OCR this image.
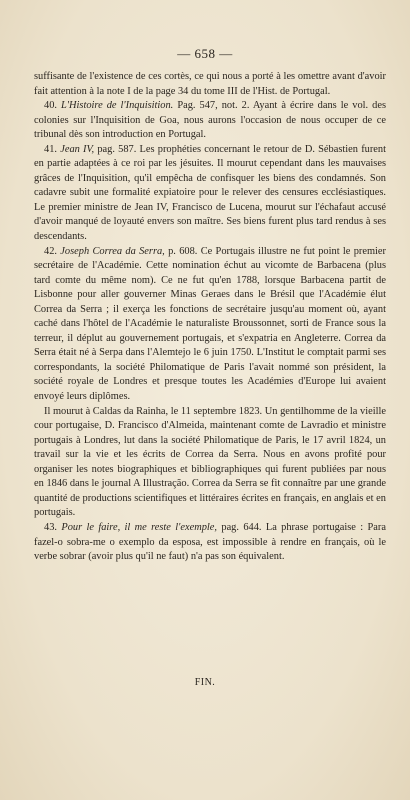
— 658 —

suffisante de l'existence de ces cortès, ce qui nous a porté à les omettre avant d'avoir fait attention à la note I de la page 34 du tome III de l'Hist. de Portugal.

40. L'Histoire de l'Inquisition. Pag. 547, not. 2. Ayant à écrire dans le vol. des colonies sur l'Inquisition de Goa, nous aurons l'occasion de nous occuper de ce tribunal dès son introduction en Portugal.

41. Jean IV, pag. 587. Les prophéties concernant le retour de D. Sébastien furent en partie adaptées à ce roi par les jésuites. Il mourut cependant dans les mauvaises grâces de l'Inquisition, qu'il empêcha de confisquer les biens des condamnés. Son cadavre subit une formalité expiatoire pour le relever des censures ecclésiastiques. Le premier ministre de Jean IV, Francisco de Lucena, mourut sur l'échafaut accusé d'avoir manqué de loyauté envers son maître. Ses biens furent plus tard rendus à ses descendants.

42. Joseph Correa da Serra, p. 608. Ce Portugais illustre ne fut point le premier secrétaire de l'Académie. Cette nomination échut au vicomte de Barbacena (plus tard comte du même nom). Ce ne fut qu'en 1788, lorsque Barbacena partit de Lisbonne pour aller gouverner Minas Geraes dans le Brésil que l'Académie élut Correa da Serra ; il exerça les fonctions de secrétaire jusqu'au moment où, ayant caché dans l'hôtel de l'Académie le naturaliste Broussonnet, sorti de France sous la terreur, il déplut au gouvernement portugais, et s'expatria en Angleterre. Correa da Serra était né à Serpa dans l'Alemtejo le 6 juin 1750. L'Institut le comptait parmi ses correspondants, la société Philomatique de Paris l'avait nommé son président, la société royale de Londres et presque toutes les Académies d'Europe lui avaient envoyé leurs diplômes.

Il mourut à Caldas da Rainha, le 11 septembre 1823. Un gentilhomme de la vieille cour portugaise, D. Francisco d'Almeida, maintenant comte de Lavradio et ministre portugais à Londres, lut dans la société Philomatique de Paris, le 17 avril 1824, un travail sur la vie et les écrits de Correa da Serra. Nous en avons profité pour organiser les notes biographiques et bibliographiques qui furent publiées par nous en 1846 dans le journal A Illustração. Correa da Serra se fit connaître par une grande quantité de productions scientifiques et littéraires écrites en français, en anglais et en portugais.

43. Pour le faire, il me reste l'exemple, pag. 644. La phrase portugaise : Para fazel-o sobra-me o exemplo da esposa, est impossible à rendre en français, où le verbe sobrar (avoir plus qu'il ne faut) n'a pas son équivalent.

FIN.
